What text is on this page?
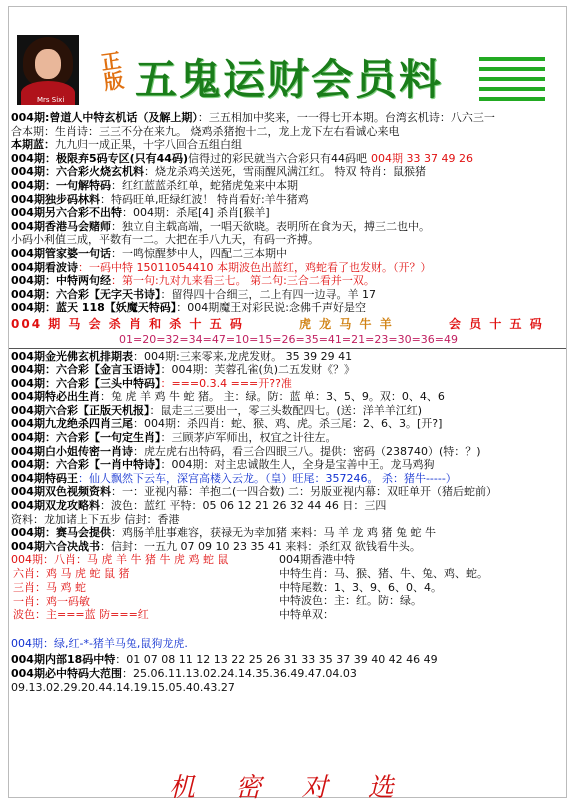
Mrs Sixi
正版 五鬼运财会员料
004期:曾道人中特玄机话（及解上期）：三五相加中奖来，一一得七开本期。台湾玄机诗：八六三一
合本期：生肖诗：三三不分在来九。 烧鸡杀猪抱十二，龙上龙下左右看诚心来电
本期蓝：九九归一成正果，十字八回合五组白组
004期：极限弃5码专区(只有44码)信得过的彩民就当六合彩只有44码吧 004期 33 37 49 26
004期：六合彩火烧玄机料：烧龙杀鸡关送死，雪雨醒风满江红。 特双 特肖：鼠猴猪
004期：一句解特码：红红蓝蓝杀红单，蛇猪虎兔来中本期
004期独步码林料：特码旺单,旺绿红波！ 特肖看好:羊牛猪鸡
004期另六合彩不出特：004期：杀尾[4] 杀肖[猴羊]
004期香港马会赌师：独立自主载高端，一唱天欲晓。表明所在食为天，搏三二也中。
小码小利值三成，平数有一二。大把在手八九天，有码一齐搏。
004期管家婆一句话：一鸣惊醒梦中人，四配二三本期中
004期看波诗：一码中特 15011054410 本期波色出蓝红，鸡蛇看了也发财。（开？）
004期：中特两句经：第一句:九对九来看三七。 第二句:三合二看并一双。
004期：六合彩【无字天书诗】：留得四十合细三，二上有四一边寻。羊 17
004期：蓝天 118【妖魔天特码】：004期魔王对彩民说:念佛千声好是空
004 期 马 会 杀 肖 和 杀 十 五 码	虎 龙 马 牛 羊	会 员 十 五 码
01=20=32=34=47=10=15=26=35=41=21=23=30=36=49
004期金光佛玄机排期表：004期:三来零来,龙虎发财。 35 39 29 41
004期：六合彩【金言玉语诗】：004期：芙蓉孔雀(负)二五发财《？》
004期：六合彩【三头中特码】：===0.3.4 ===开??准
004期特必出生肖：兔 虎 羊 鸡 牛 蛇 猪。 主：绿。防：蓝 单：3、5、9。双：0、4、6
004期六合彩【正版天机报】：鼠走三三要出一，零三头数配四七。(送：洋羊羊江红)
004期九龙绝杀四肖三尾：004期：杀四肖：蛇、猴、鸡、虎。杀三尾：2、6、3。[开?]
004期：六合彩【一句定生肖】：三顾茅庐军师出，权宜之计往左。
004期白小姐传密一肖诗：虎左虎右出特码，看三合四眼三八。提供：密码（238740）(特：？)
004期：六合彩【一肖中特诗】：004期：对主忠诚散生人，全身是宝善中王。龙马鸡狗
004期特码王：仙人飘然下云车，深宫高楼入云龙。（皇）旺尾：357246。 杀：猪牛-----）
004期双色视频资料：一：亚视内幕：羊抱二(一四合数) 二：另版亚视内幕：双旺单开（猪后蛇前）
004期双龙攻略料：波色：蓝红 平特：05 06 12 21 26 32 44 46 日：三四
资料：龙加诸上下五步 信封：香港
004期：赛马会提供：鸡肠羊肚事难容，获禄无为幸加猪 来料：马 羊 龙 鸡 猪 兔 蛇 牛
004期六合决战书：信封：一五九 07 09 10 23 35 41 来料：杀红双 欲钱看牛头。
004期：八肖：马 虎 羊 牛 猪 牛 虎 鸡 蛇 鼠
六肖：鸡 马 虎 蛇 鼠 猪
三肖：马 鸡 蛇
一肖：鸡一码敏
波色：主===蓝 防===红
004期香港中特
中特生肖：马、猴、猪、牛、兔、鸡、蛇。
中特尾数：1、3、9、6、0、4。
中特波色：主：红。防：绿。
中特单双：
004期：绿,红-*-猪羊马兔,鼠狗龙虎.
004期内部18码中特：01 07 08 11 12 13 22 25 26 31 33 35 37 39 40 42 46 49
004期必中特码大范围：25.06.11.13.02.24.14.35.36.49.47.04.03
09.13.02.29.20.44.14.19.15.05.40.43.27
机 密 对 选
